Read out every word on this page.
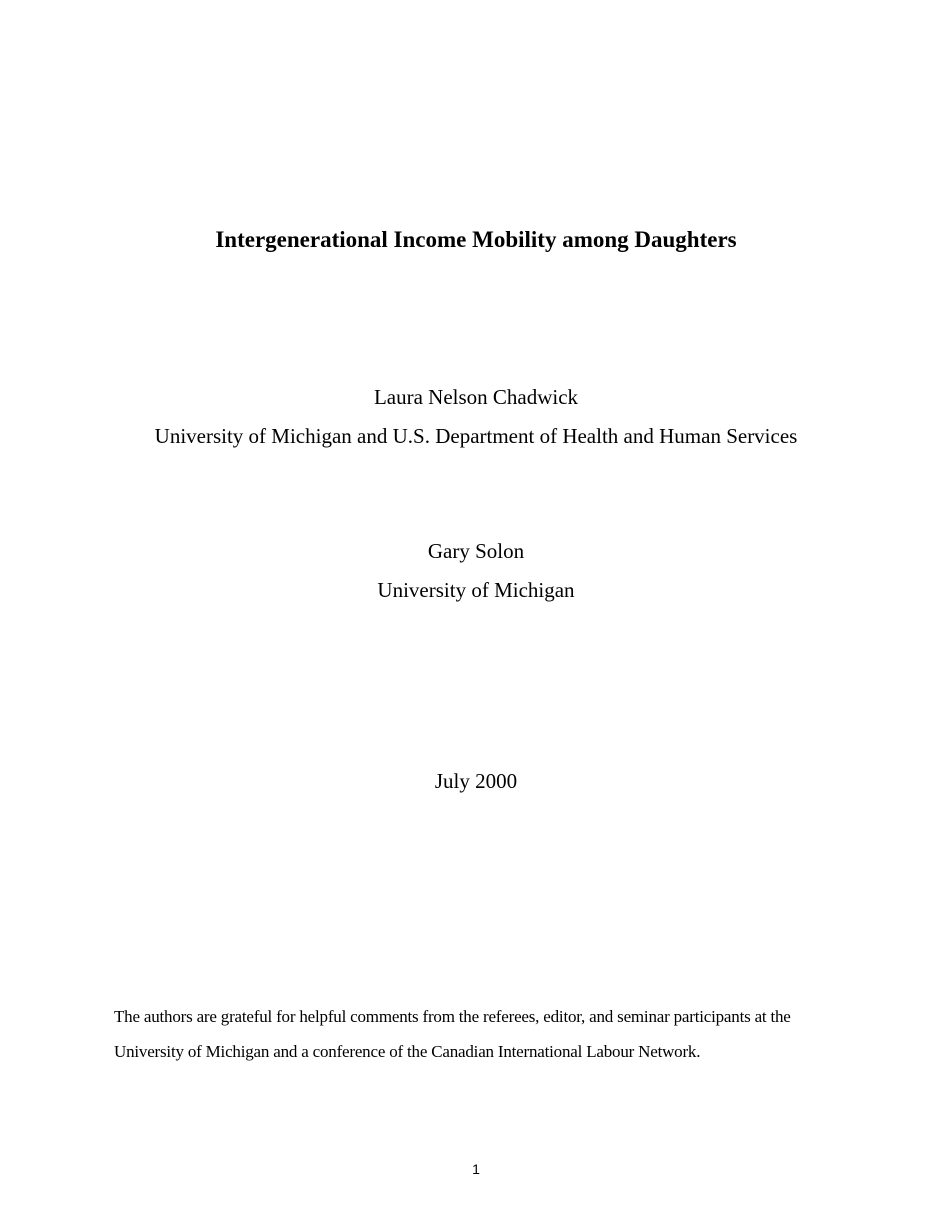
Intergenerational Income Mobility among Daughters
Laura Nelson Chadwick
University of Michigan and U.S. Department of Health and Human Services
Gary Solon
University of Michigan
July 2000
The authors are grateful for helpful comments from the referees, editor, and seminar participants at the
University of Michigan and a conference of the Canadian International Labour Network.
1
